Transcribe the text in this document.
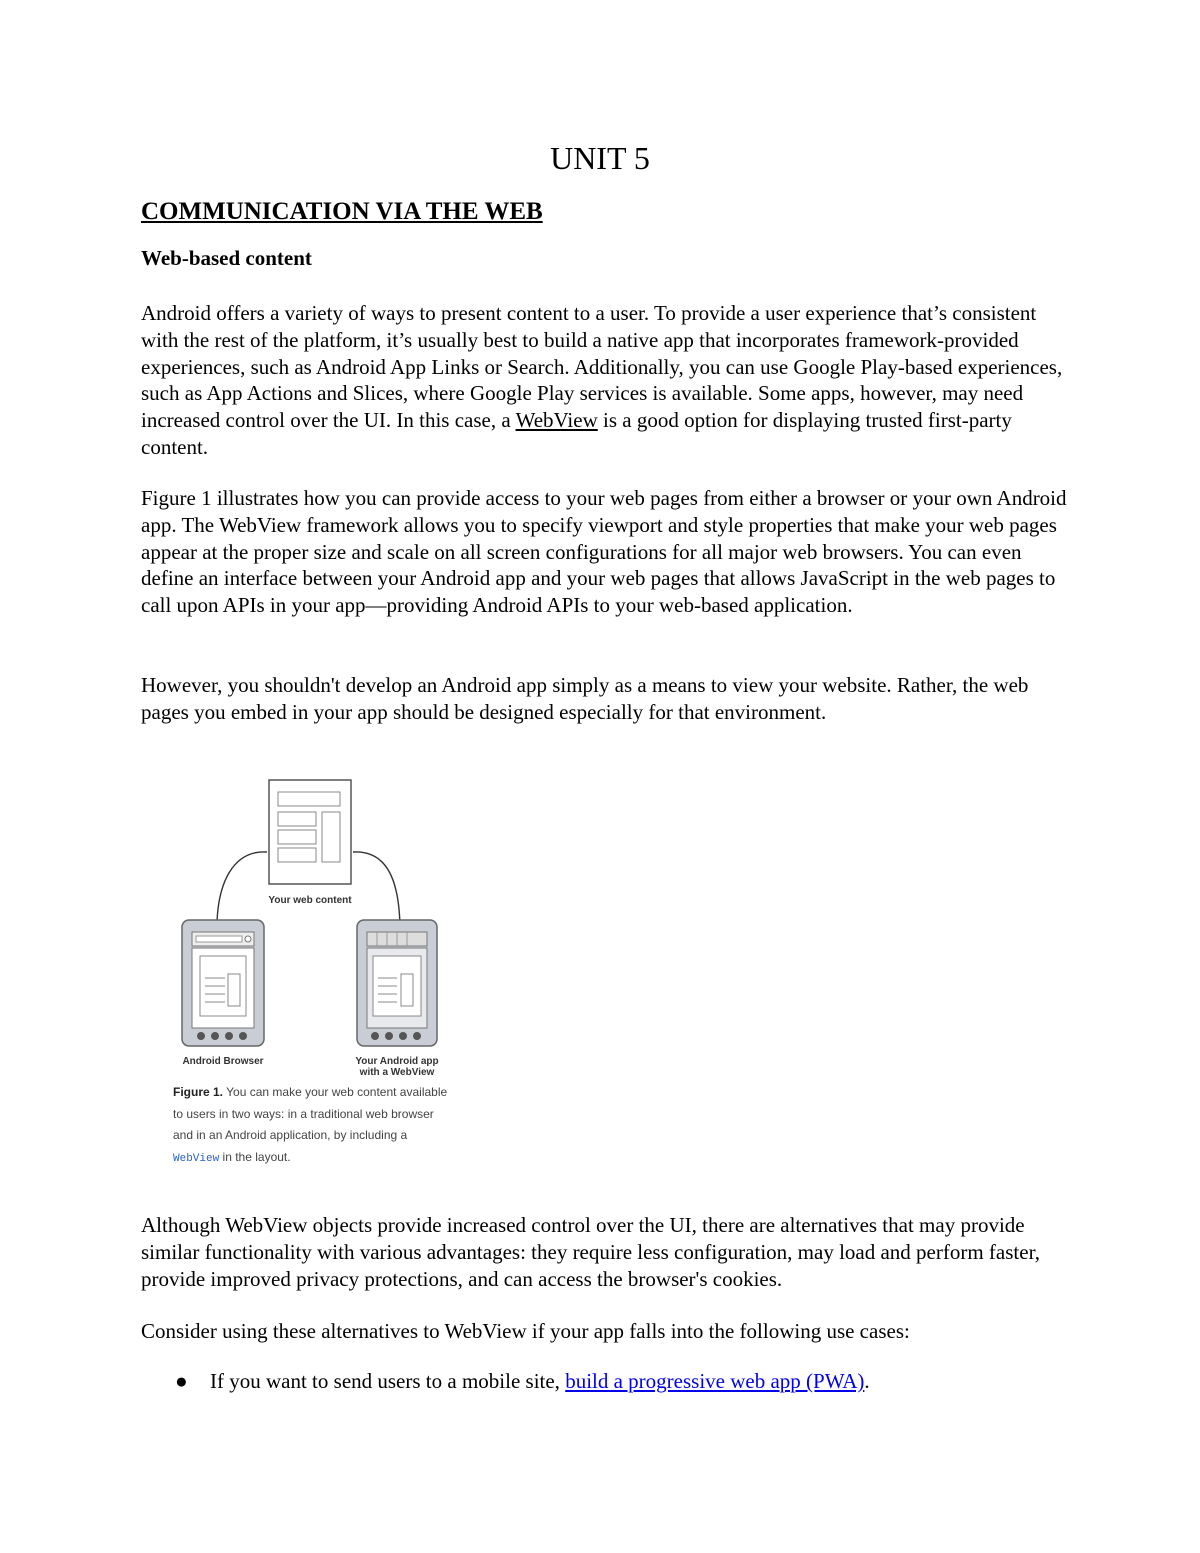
UNIT 5
COMMUNICATION VIA THE WEB
Web-based content

Android offers a variety of ways to present content to a user. To provide a user experience that’s consistent with the rest of the platform, it’s usually best to build a native app that incorporates framework-provided experiences, such as Android App Links or Search. Additionally, you can use Google Play-based experiences, such as App Actions and Slices, where Google Play services is available. Some apps, however, may need increased control over the UI. In this case, a WebView is a good option for displaying trusted first-party content.

Figure 1 illustrates how you can provide access to your web pages from either a browser or your own Android app. The WebView framework allows you to specify viewport and style properties that make your web pages appear at the proper size and scale on all screen configurations for all major web browsers. You can even define an interface between your Android app and your web pages that allows JavaScript in the web pages to call upon APIs in your app—providing Android APIs to your web-based application.

However, you shouldn't develop an Android app simply as a means to view your website. Rather, the web pages you embed in your app should be designed especially for that environment.

Your web content
Android Browser	Your Android app
with a WebView
Figure 1. You can make your web content available
to users in two ways: in a traditional web browser
and in an Android application, by including a
WebView in the layout.

Although WebView objects provide increased control over the UI, there are alternatives that may provide similar functionality with various advantages: they require less configuration, may load and perform faster, provide improved privacy protections, and can access the browser's cookies.

Consider using these alternatives to WebView if your app falls into the following use cases:

● If you want to send users to a mobile site, build a progressive web app (PWA).
